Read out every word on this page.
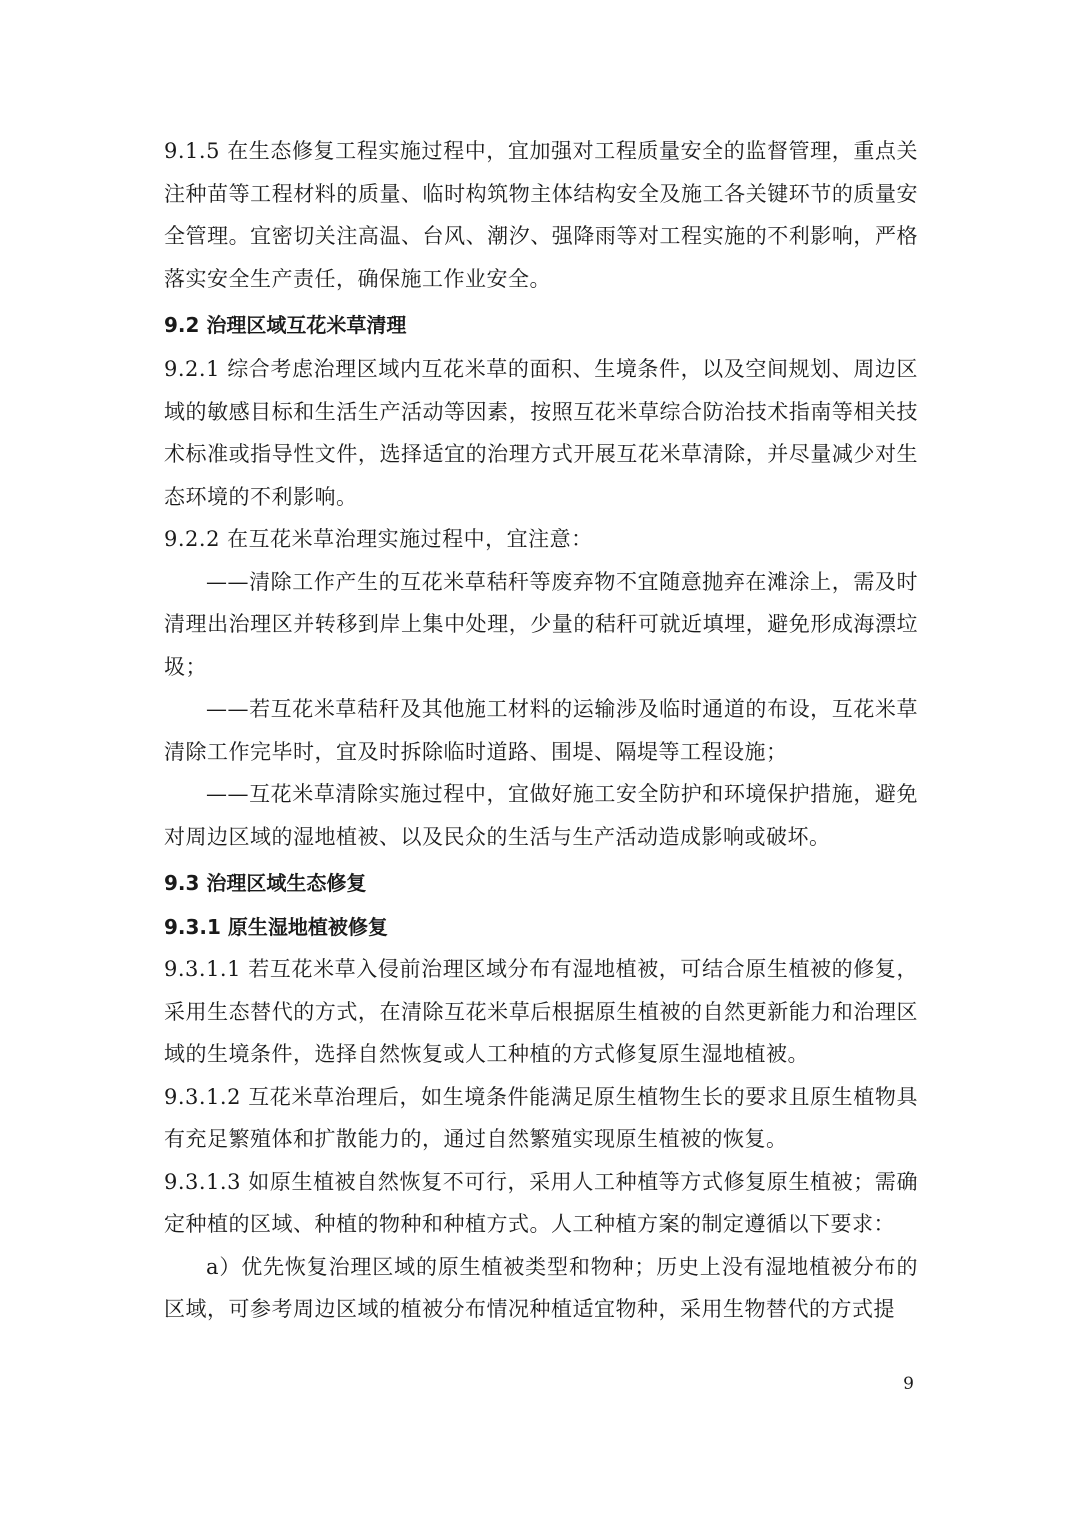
9.1.5 在生态修复工程实施过程中，宜加强对工程质量安全的监督管理，重点关注种苗等工程材料的质量、临时构筑物主体结构安全及施工各关键环节的质量安全管理。宜密切关注高温、台风、潮汐、强降雨等对工程实施的不利影响，严格落实安全生产责任，确保施工作业安全。

9.2 治理区域互花米草清理

9.2.1 综合考虑治理区域内互花米草的面积、生境条件，以及空间规划、周边区域的敏感目标和生活生产活动等因素，按照互花米草综合防治技术指南等相关技术标准或指导性文件，选择适宜的治理方式开展互花米草清除，并尽量减少对生态环境的不利影响。

9.2.2 在互花米草治理实施过程中，宜注意：

——清除工作产生的互花米草秸秆等废弃物不宜随意抛弃在滩涂上，需及时清理出治理区并转移到岸上集中处理，少量的秸秆可就近填埋，避免形成海漂垃圾；

——若互花米草秸秆及其他施工材料的运输涉及临时通道的布设，互花米草清除工作完毕时，宜及时拆除临时道路、围堤、隔堤等工程设施；

——互花米草清除实施过程中，宜做好施工安全防护和环境保护措施，避免对周边区域的湿地植被、以及民众的生活与生产活动造成影响或破坏。

9.3 治理区域生态修复
9.3.1 原生湿地植被修复

9.3.1.1 若互花米草入侵前治理区域分布有湿地植被，可结合原生植被的修复，采用生态替代的方式，在清除互花米草后根据原生植被的自然更新能力和治理区域的生境条件，选择自然恢复或人工种植的方式修复原生湿地植被。

9.3.1.2 互花米草治理后，如生境条件能满足原生植物生长的要求且原生植物具有充足繁殖体和扩散能力的，通过自然繁殖实现原生植被的恢复。

9.3.1.3 如原生植被自然恢复不可行，采用人工种植等方式修复原生植被；需确定种植的区域、种植的物种和种植方式。人工种植方案的制定遵循以下要求：

a）优先恢复治理区域的原生植被类型和物种；历史上没有湿地植被分布的区域，可参考周边区域的植被分布情况种植适宜物种，采用生物替代的方式提

9
